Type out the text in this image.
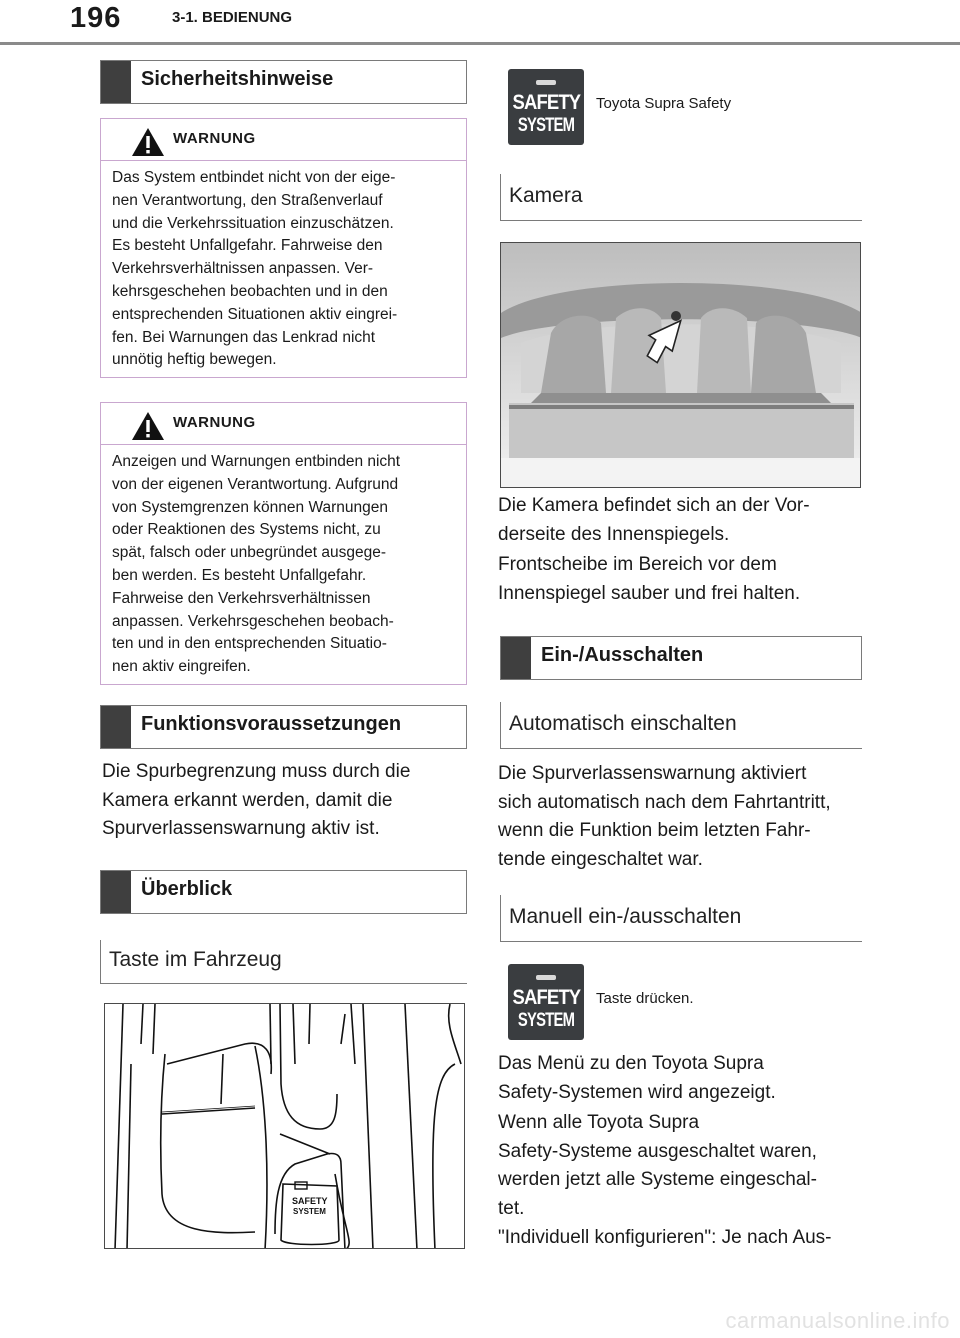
196	3-1. BEDIENUNG
Sicherheitshinweise
WARNUNG
Das System entbindet nicht von der eige-
nen Verantwortung, den Straßenverlauf
und die Verkehrssituation einzuschätzen.
Es besteht Unfallgefahr. Fahrweise den
Verkehrsverhältnissen anpassen. Ver-
kehrsgeschehen beobachten und in den
entsprechenden Situationen aktiv eingrei-
fen. Bei Warnungen das Lenkrad nicht
unnötig heftig bewegen.
WARNUNG
Anzeigen und Warnungen entbinden nicht
von der eigenen Verantwortung. Aufgrund
von Systemgrenzen können Warnungen
oder Reaktionen des Systems nicht, zu
spät, falsch oder unbegründet ausgege-
ben werden. Es besteht Unfallgefahr.
Fahrweise den Verkehrsverhältnissen
anpassen. Verkehrsgeschehen beobach-
ten und in den entsprechenden Situatio-
nen aktiv eingreifen.
Funktionsvoraussetzungen
Die Spurbegrenzung muss durch die
Kamera erkannt werden, damit die
Spurverlassenswarnung aktiv ist.
Überblick
Taste im Fahrzeug
SAFETY
SYSTEM
SAFETY
SYSTEM
Toyota Supra Safety
Kamera
Die Kamera befindet sich an der Vor-
derseite des Innenspiegels.
Frontscheibe im Bereich vor dem
Innenspiegel sauber und frei halten.
Ein-/Ausschalten
Automatisch einschalten
Die Spurverlassenswarnung aktiviert
sich automatisch nach dem Fahrtantritt,
wenn die Funktion beim letzten Fahr-
tende eingeschaltet war.
Manuell ein-/ausschalten
SAFETY
SYSTEM
Taste drücken.
Das Menü zu den Toyota Supra
Safety-Systemen wird angezeigt.
Wenn alle Toyota Supra
Safety-Systeme ausgeschaltet waren,
werden jetzt alle Systeme eingeschal-
tet.
"Individuell konfigurieren": Je nach Aus-
carmanualsonline.info
